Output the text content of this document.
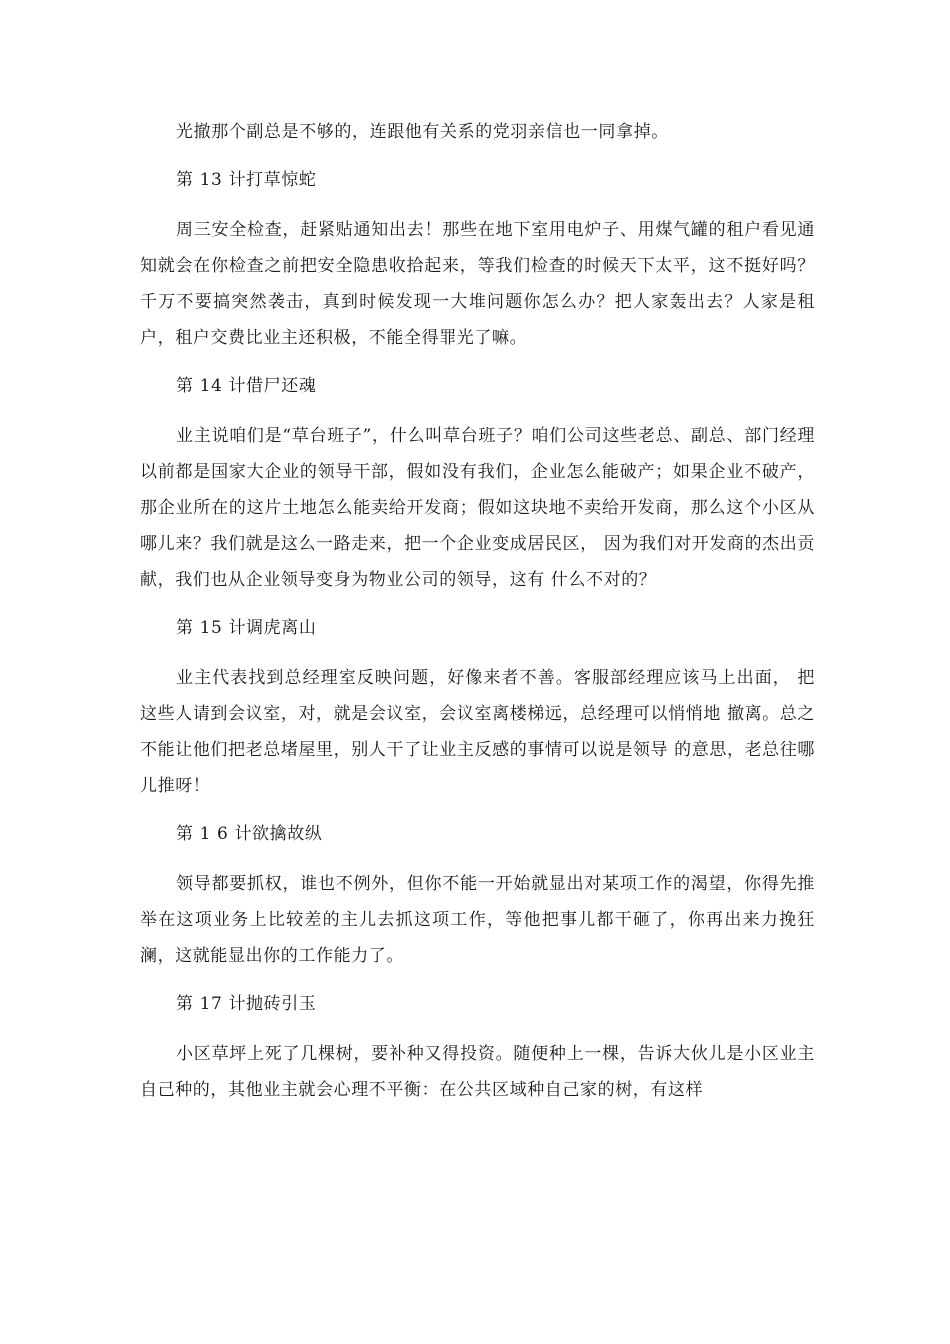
光撤那个副总是不够的，连跟他有关系的党羽亲信也一同拿掉。

第 13 计打草惊蛇

周三安全检查，赶紧贴通知出去！那些在地下室用电炉子、用煤气罐的租户看见通知就会在你检查之前把安全隐患收拾起来，等我们检查的时候天下太平，这不挺好吗？千万不要搞突然袭击，真到时候发现一大堆问题你怎么办？把人家轰出去？人家是租户，租户交费比业主还积极，不能全得罪光了嘛。

第 14 计借尸还魂

业主说咱们是“草台班子”，什么叫草台班子？咱们公司这些老总、副总、部门经理以前都是国家大企业的领导干部，假如没有我们，企业怎么能破产；如果企业不破产，那企业所在的这片土地怎么能卖给开发商；假如这块地不卖给开发商，那么这个小区从哪儿来？我们就是这么一路走来，把一个企业变成居民区， 因为我们对开发商的杰出贡献，我们也从企业领导变身为物业公司的领导，这有 什么不对的？

第 15 计调虎离山

业主代表找到总经理室反映问题，好像来者不善。客服部经理应该马上出面， 把这些人请到会议室，对，就是会议室，会议室离楼梯远，总经理可以悄悄地 撤离。总之不能让他们把老总堵屋里，别人干了让业主反感的事情可以说是领导 的意思，老总往哪儿推呀！

第 1 6 计欲擒故纵

领导都要抓权，谁也不例外，但你不能一开始就显出对某项工作的渴望，你得先推举在这项业务上比较差的主儿去抓这项工作，等他把事儿都干砸了，你再出来力挽狂澜，这就能显出你的工作能力了。

第 17 计抛砖引玉

小区草坪上死了几棵树，要补种又得投资。随便种上一棵，告诉大伙儿是小区业主自己种的，其他业主就会心理不平衡：在公共区域种自己家的树，有这样
